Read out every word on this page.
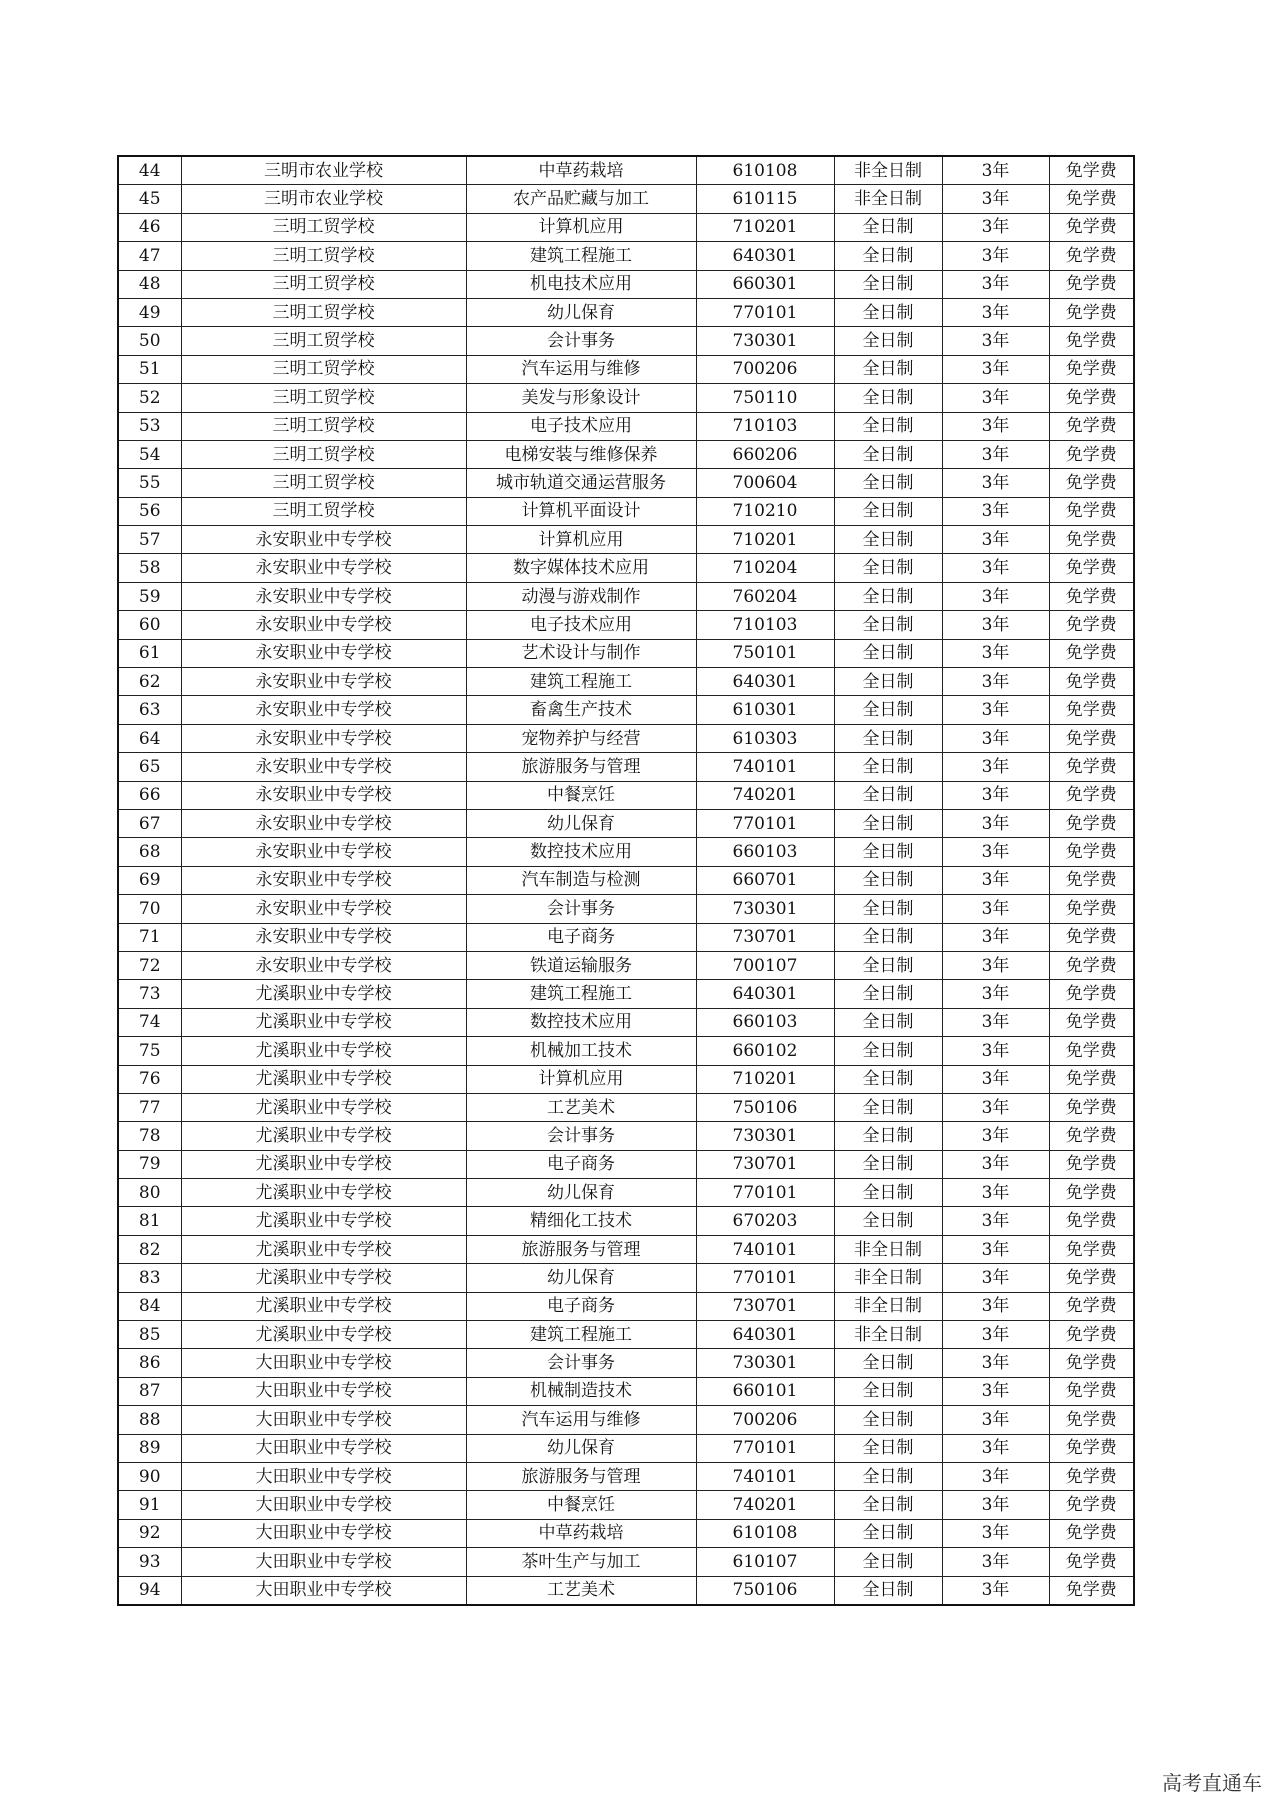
44	三明市农业学校	中草药栽培	610108	非全日制	3年	免学费
45	三明市农业学校	农产品贮藏与加工	610115	非全日制	3年	免学费
46	三明工贸学校	计算机应用	710201	全日制	3年	免学费
47	三明工贸学校	建筑工程施工	640301	全日制	3年	免学费
48	三明工贸学校	机电技术应用	660301	全日制	3年	免学费
49	三明工贸学校	幼儿保育	770101	全日制	3年	免学费
50	三明工贸学校	会计事务	730301	全日制	3年	免学费
51	三明工贸学校	汽车运用与维修	700206	全日制	3年	免学费
52	三明工贸学校	美发与形象设计	750110	全日制	3年	免学费
53	三明工贸学校	电子技术应用	710103	全日制	3年	免学费
54	三明工贸学校	电梯安装与维修保养	660206	全日制	3年	免学费
55	三明工贸学校	城市轨道交通运营服务	700604	全日制	3年	免学费
56	三明工贸学校	计算机平面设计	710210	全日制	3年	免学费
57	永安职业中专学校	计算机应用	710201	全日制	3年	免学费
58	永安职业中专学校	数字媒体技术应用	710204	全日制	3年	免学费
59	永安职业中专学校	动漫与游戏制作	760204	全日制	3年	免学费
60	永安职业中专学校	电子技术应用	710103	全日制	3年	免学费
61	永安职业中专学校	艺术设计与制作	750101	全日制	3年	免学费
62	永安职业中专学校	建筑工程施工	640301	全日制	3年	免学费
63	永安职业中专学校	畜禽生产技术	610301	全日制	3年	免学费
64	永安职业中专学校	宠物养护与经营	610303	全日制	3年	免学费
65	永安职业中专学校	旅游服务与管理	740101	全日制	3年	免学费
66	永安职业中专学校	中餐烹饪	740201	全日制	3年	免学费
67	永安职业中专学校	幼儿保育	770101	全日制	3年	免学费
68	永安职业中专学校	数控技术应用	660103	全日制	3年	免学费
69	永安职业中专学校	汽车制造与检测	660701	全日制	3年	免学费
70	永安职业中专学校	会计事务	730301	全日制	3年	免学费
71	永安职业中专学校	电子商务	730701	全日制	3年	免学费
72	永安职业中专学校	铁道运输服务	700107	全日制	3年	免学费
73	尤溪职业中专学校	建筑工程施工	640301	全日制	3年	免学费
74	尤溪职业中专学校	数控技术应用	660103	全日制	3年	免学费
75	尤溪职业中专学校	机械加工技术	660102	全日制	3年	免学费
76	尤溪职业中专学校	计算机应用	710201	全日制	3年	免学费
77	尤溪职业中专学校	工艺美术	750106	全日制	3年	免学费
78	尤溪职业中专学校	会计事务	730301	全日制	3年	免学费
79	尤溪职业中专学校	电子商务	730701	全日制	3年	免学费
80	尤溪职业中专学校	幼儿保育	770101	全日制	3年	免学费
81	尤溪职业中专学校	精细化工技术	670203	全日制	3年	免学费
82	尤溪职业中专学校	旅游服务与管理	740101	非全日制	3年	免学费
83	尤溪职业中专学校	幼儿保育	770101	非全日制	3年	免学费
84	尤溪职业中专学校	电子商务	730701	非全日制	3年	免学费
85	尤溪职业中专学校	建筑工程施工	640301	非全日制	3年	免学费
86	大田职业中专学校	会计事务	730301	全日制	3年	免学费
87	大田职业中专学校	机械制造技术	660101	全日制	3年	免学费
88	大田职业中专学校	汽车运用与维修	700206	全日制	3年	免学费
89	大田职业中专学校	幼儿保育	770101	全日制	3年	免学费
90	大田职业中专学校	旅游服务与管理	740101	全日制	3年	免学费
91	大田职业中专学校	中餐烹饪	740201	全日制	3年	免学费
92	大田职业中专学校	中草药栽培	610108	全日制	3年	免学费
93	大田职业中专学校	茶叶生产与加工	610107	全日制	3年	免学费
94	大田职业中专学校	工艺美术	750106	全日制	3年	免学费
高考直通车
